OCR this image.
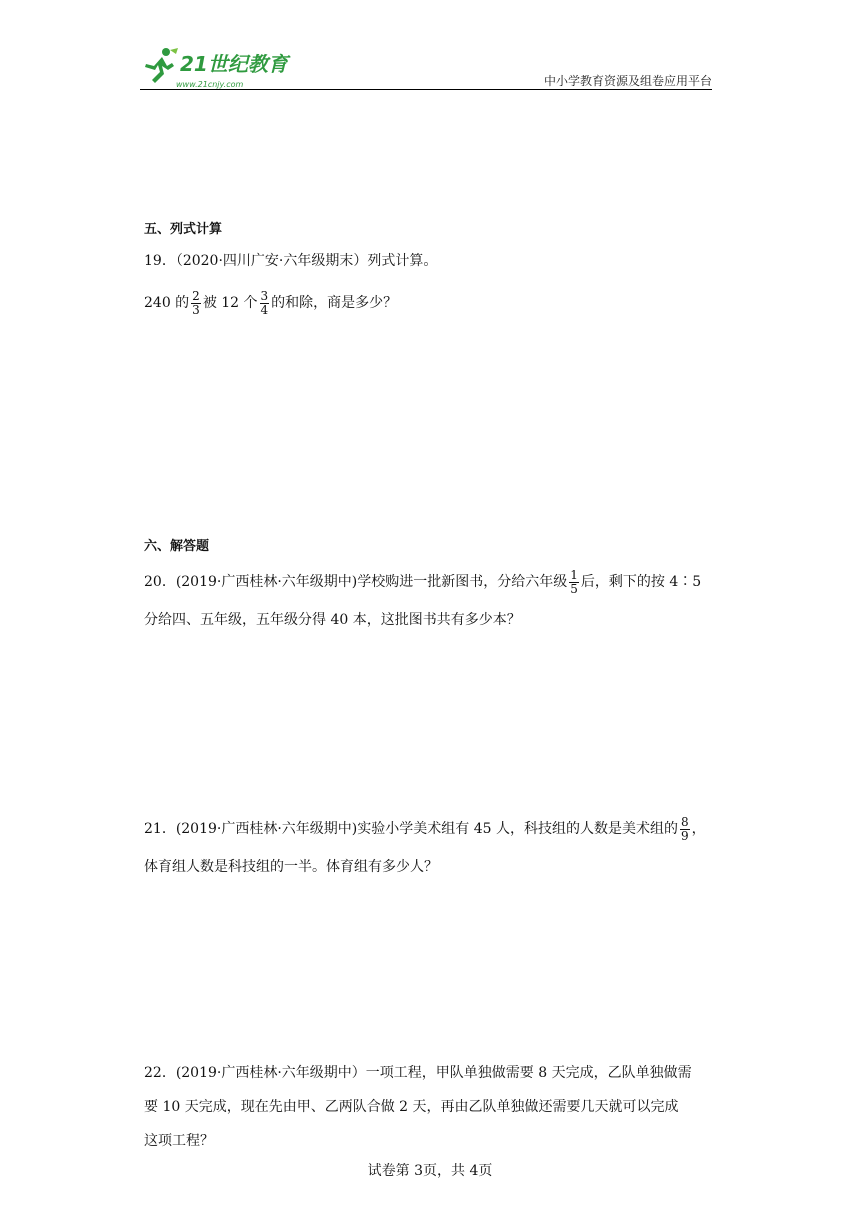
21世纪教育
www.21cnjy.com	中小学教育资源及组卷应用平台
五、列式计算
19．（2020·四川广安·六年级期末）列式计算。
240 的 $\frac{2}{3}$ 被 12 个 $\frac{3}{4}$ 的和除，商是多少？
六、解答题
20．(2019·广西桂林·六年级期中)学校购进一批新图书，分给六年级 $\frac{1}{5}$ 后，剩下的按 4∶5
分给四、五年级，五年级分得 40 本，这批图书共有多少本？
21．(2019·广西桂林·六年级期中)实验小学美术组有 45 人，科技组的人数是美术组的 $\frac{8}{9}$ ，
体育组人数是科技组的一半。体育组有多少人？
22．(2019·广西桂林·六年级期中）一项工程，甲队单独做需要 8 天完成，乙队单独做需
要 10 天完成，现在先由甲、乙两队合做 2 天，再由乙队单独做还需要几天就可以完成
这项工程？
试卷第 3页，共 4页
